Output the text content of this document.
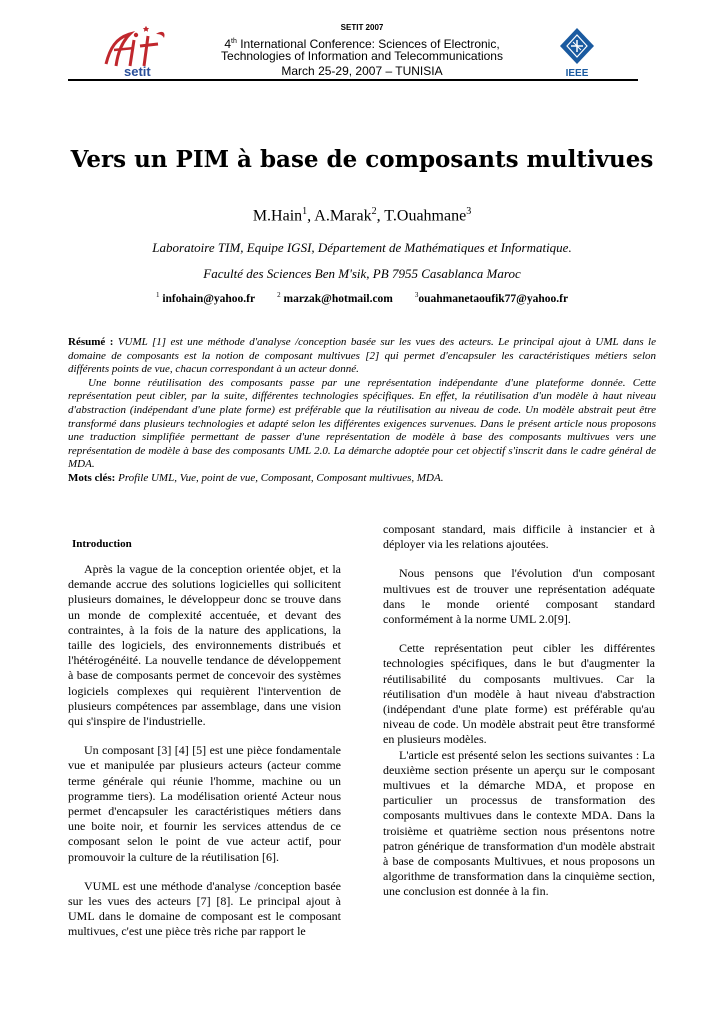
SETIT 2007
4th International Conference: Sciences of Electronic,
Technologies of Information and Telecommunications
March 25-29, 2007 – TUNISIA
setit	IEEE
Vers un PIM à base de composants multivues
M.Hain$^1$, A.Marak$^2$, T.Ouahmane$^3$
Laboratoire TIM, Equipe IGSI, Département de Mathématiques et Informatique.
Faculté des Sciences Ben M'sik, PB 7955 Casablanca Maroc
$^1$ infohain@yahoo.fr	$^2$ marzak@hotmail.com	$^3$ouahmanetaoufik77@yahoo.fr

Résumé : VUML [1] est une méthode d'analyse /conception basée sur les vues des acteurs. Le principal ajout à UML dans le domaine de composants est la notion de composant multivues [2] qui permet d'encapsuler les caractéristiques métiers selon différents points de vue, chacun correspondant à un acteur donné.

Une bonne réutilisation des composants passe par une représentation indépendante d'une plateforme donnée. Cette représentation peut cibler, par la suite, différentes technologies spécifiques. En effet, la réutilisation d'un modèle à haut niveau d'abstraction (indépendant d'une plate forme) est préférable que la réutilisation au niveau de code. Un modèle abstrait peut être transformé dans plusieurs technologies et adapté selon les différentes exigences survenues. Dans le présent article nous proposons une traduction simplifiée permettant de passer d'une représentation de modèle à base des composants multivues vers une représentation de modèle à base des composants UML 2.0. La démarche adoptée pour cet objectif s'inscrit dans le cadre général de MDA.

Mots clés: Profile UML, Vue, point de vue, Composant, Composant multivues, MDA.

Introduction

Après la vague de la conception orientée objet, et la demande accrue des solutions logicielles qui sollicitent plusieurs domaines, le développeur donc se trouve dans un monde de complexité accentuée, et devant des contraintes, à la fois de la nature des applications, la taille des logiciels, des environnements distribués et l'hétérogénéité. La nouvelle tendance de développement à base de composants permet de concevoir des systèmes logiciels complexes qui requièrent l'intervention de plusieurs compétences par assemblage, dans une vision qui s'inspire de l'industrielle.

Un composant [3] [4] [5] est une pièce fondamentale vue et manipulée par plusieurs acteurs (acteur comme terme générale qui réunie l'homme, machine ou un programme tiers). La modélisation orienté Acteur nous permet d'encapsuler les caractéristiques métiers dans une boite noir, et fournir les services attendus de ce composant selon le point de vue acteur actif, pour promouvoir la culture de la réutilisation [6].

VUML est une méthode d'analyse /conception basée sur les vues des acteurs [7] [8]. Le principal ajout à UML dans le domaine de composant est le composant multivues, c'est une pièce très riche par rapport le

composant standard, mais difficile à instancier et à déployer via les relations ajoutées.

Nous pensons que l'évolution d'un composant multivues est de trouver une représentation adéquate dans le monde orienté composant standard conformément à la norme UML 2.0[9].

Cette représentation peut cibler les différentes technologies spécifiques, dans le but d'augmenter la réutilisabilité du composants multivues. Car la réutilisation d'un modèle à haut niveau d'abstraction (indépendant d'une plate forme) est préférable qu'au niveau de code. Un modèle abstrait peut être transformé en plusieurs modèles.

L'article est présenté selon les sections suivantes : La deuxième section présente un aperçu sur le composant multivues et la démarche MDA, et propose en particulier un processus de transformation des composants multivues dans le contexte MDA. Dans la troisième et quatrième section nous présentons notre patron générique de transformation d'un modèle abstrait à base de composants Multivues, et nous proposons un algorithme de transformation dans la cinquième section, une conclusion est donnée à la fin.
